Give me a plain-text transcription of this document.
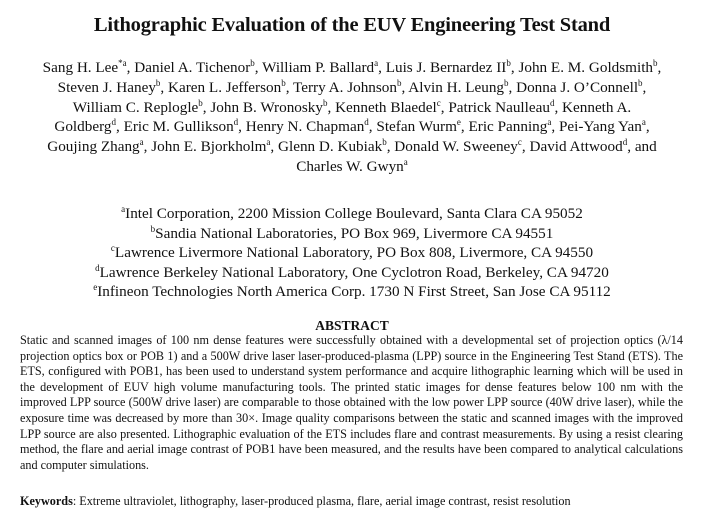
Lithographic Evaluation of the EUV Engineering Test Stand
Sang H. Lee$^{*a}$, Daniel A. Tichenor$^b$, William P. Ballard$^a$, Luis J. Bernardez $II^b$, John E. M. Goldsmith$^b$, Steven J. Haney$^b$, Karen L. Jefferson$^b$, Terry A. Johnson$^b$, Alvin H. Leung$^b$, Donna J. O’Connell$^b$, William C. Replogle$^b$, John B. Wronosky$^b$, Kenneth Blaedel$^c$, Patrick Naulleau$^d$, Kenneth A. Goldberg$^d$, Eric M. Gullikson$^d$, Henry N. Chapman$^d$, Stefan Wurm$^e$, Eric Panning$^a$, Pei-Yang Yan$^a$, Goujing Zhang$^a$, John E. Bjorkholm$^a$, Glenn D. Kubiak$^b$, Donald W. Sweeney$^c$, David Attwood$^d$, and Charles W. Gwyn$^a$
$^a$Intel Corporation, 2200 Mission College Boulevard, Santa Clara CA 95052
$^b$Sandia National Laboratories, PO Box 969, Livermore CA 94551
$^c$Lawrence Livermore National Laboratory, PO Box 808, Livermore, CA 94550
$^d$Lawrence Berkeley National Laboratory, One Cyclotron Road, Berkeley, CA 94720
$^e$Infineon Technologies North America Corp. 1730 N First Street, San Jose CA 95112
ABSTRACT
Static and scanned images of 100 nm dense features were successfully obtained with a developmental set of projection optics (λ/14 projection optics box or POB 1) and a 500W drive laser laser-produced-plasma (LPP) source in the Engineering Test Stand (ETS). The ETS, configured with POB1, has been used to understand system performance and acquire lithographic learning which will be used in the development of EUV high volume manufacturing tools. The printed static images for dense features below 100 nm with the improved LPP source (500W drive laser) are comparable to those obtained with the low power LPP source (40W drive laser), while the exposure time was decreased by more than 30×. Image quality comparisons between the static and scanned images with the improved LPP source are also presented. Lithographic evaluation of the ETS includes flare and contrast measurements. By using a resist clearing method, the flare and aerial image contrast of POB1 have been measured, and the results have been compared to analytical calculations and computer simulations.
Keywords: Extreme ultraviolet, lithography, laser-produced plasma, flare, aerial image contrast, resist resolution
